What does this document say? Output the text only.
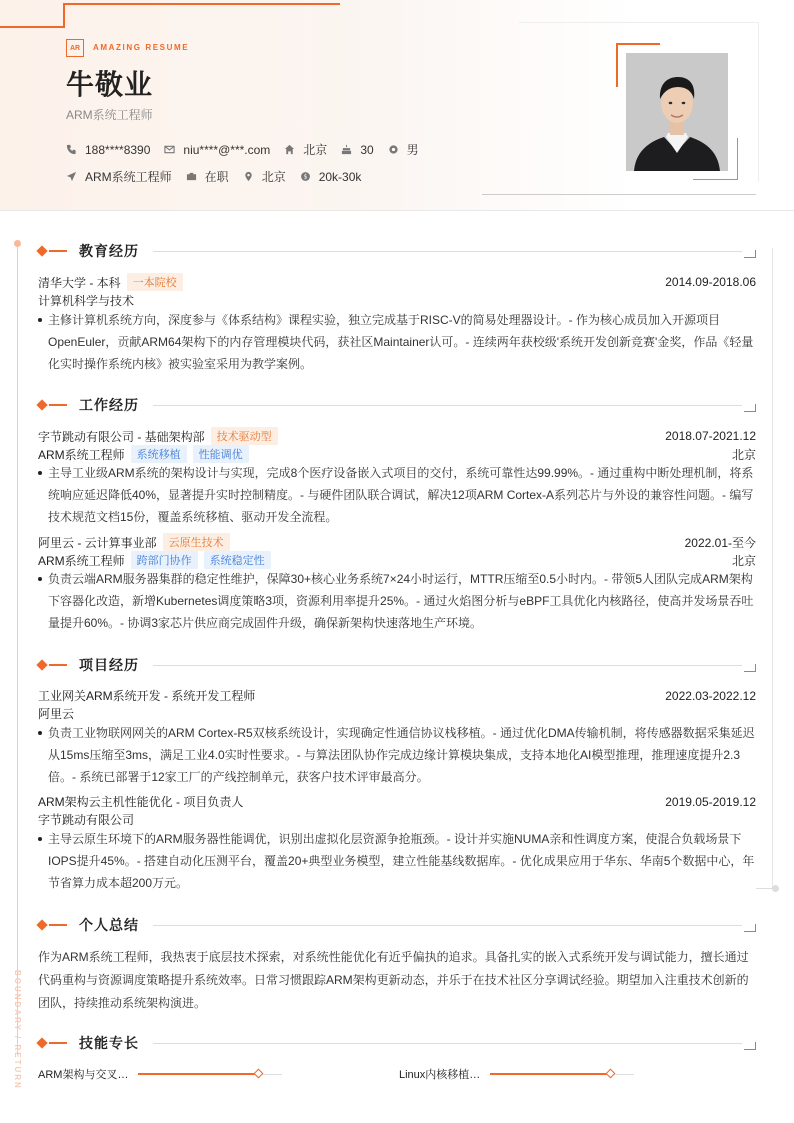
AR	AMAZING RESUME
牛敬业
ARM系统工程师
188****8390	niu****@***.com	北京	30	男
ARM系统工程师	在职	北京	$ 20k-30k
BOUNDARY / RETURN
教育经历
清华大学 - 本科	一本院校	2014.09-2018.06
计算机科学与技术
主修计算机系统方向，深度参与《体系结构》课程实验，独立完成基于RISC-V的简易处理器设计。- 作为核心成员加入开源项目OpenEuler，贡献ARM64架构下的内存管理模块代码，获社区Maintainer认可。- 连续两年获校级'系统开发创新竞赛'金奖，作品《轻量化实时操作系统内核》被实验室采用为教学案例。
工作经历
字节跳动有限公司 - 基础架构部	技术驱动型	2018.07-2021.12
ARM系统工程师	系统移植	性能调优	北京
主导工业级ARM系统的架构设计与实现，完成8个医疗设备嵌入式项目的交付，系统可靠性达99.99%。- 通过重构中断处理机制，将系统响应延迟降低40%，显著提升实时控制精度。- 与硬件团队联合调试，解决12项ARM Cortex-A系列芯片与外设的兼容性问题。- 编写技术规范文档15份，覆盖系统移植、驱动开发全流程。
阿里云 - 云计算事业部	云原生技术	2022.01-至今
ARM系统工程师	跨部门协作	系统稳定性	北京
负责云端ARM服务器集群的稳定性维护，保障30+核心业务系统7×24小时运行，MTTR压缩至0.5小时内。- 带领5人团队完成ARM架构下容器化改造，新增Kubernetes调度策略3项，资源利用率提升25%。- 通过火焰图分析与eBPF工具优化内核路径，使高并发场景吞吐量提升60%。- 协调3家芯片供应商完成固件升级，确保新架构快速落地生产环境。
项目经历
工业网关ARM系统开发 - 系统开发工程师	2022.03-2022.12
阿里云
负责工业物联网网关的ARM Cortex-R5双核系统设计，实现确定性通信协议栈移植。- 通过优化DMA传输机制，将传感器数据采集延迟从15ms压缩至3ms，满足工业4.0实时性要求。- 与算法团队协作完成边缘计算模块集成，支持本地化AI模型推理，推理速度提升2.3倍。- 系统已部署于12家工厂的产线控制单元，获客户技术评审最高分。
ARM架构云主机性能优化 - 项目负责人	2019.05-2019.12
字节跳动有限公司
主导云原生环境下的ARM服务器性能调优，识别出虚拟化层资源争抢瓶颈。- 设计并实施NUMA亲和性调度方案，使混合负载场景下IOPS提升45%。- 搭建自动化压测平台，覆盖20+典型业务模型，建立性能基线数据库。- 优化成果应用于华东、华南5个数据中心，年节省算力成本超200万元。
个人总结
作为ARM系统工程师，我热衷于底层技术探索，对系统性能优化有近乎偏执的追求。具备扎实的嵌入式系统开发与调试能力，擅长通过代码重构与资源调度策略提升系统效率。日常习惯跟踪ARM架构更新动态，并乐于在技术社区分享调试经验。期望加入注重技术创新的团队，持续推动系统架构演进。
技能专长
ARM架构与交叉…	Linux内核移植…
